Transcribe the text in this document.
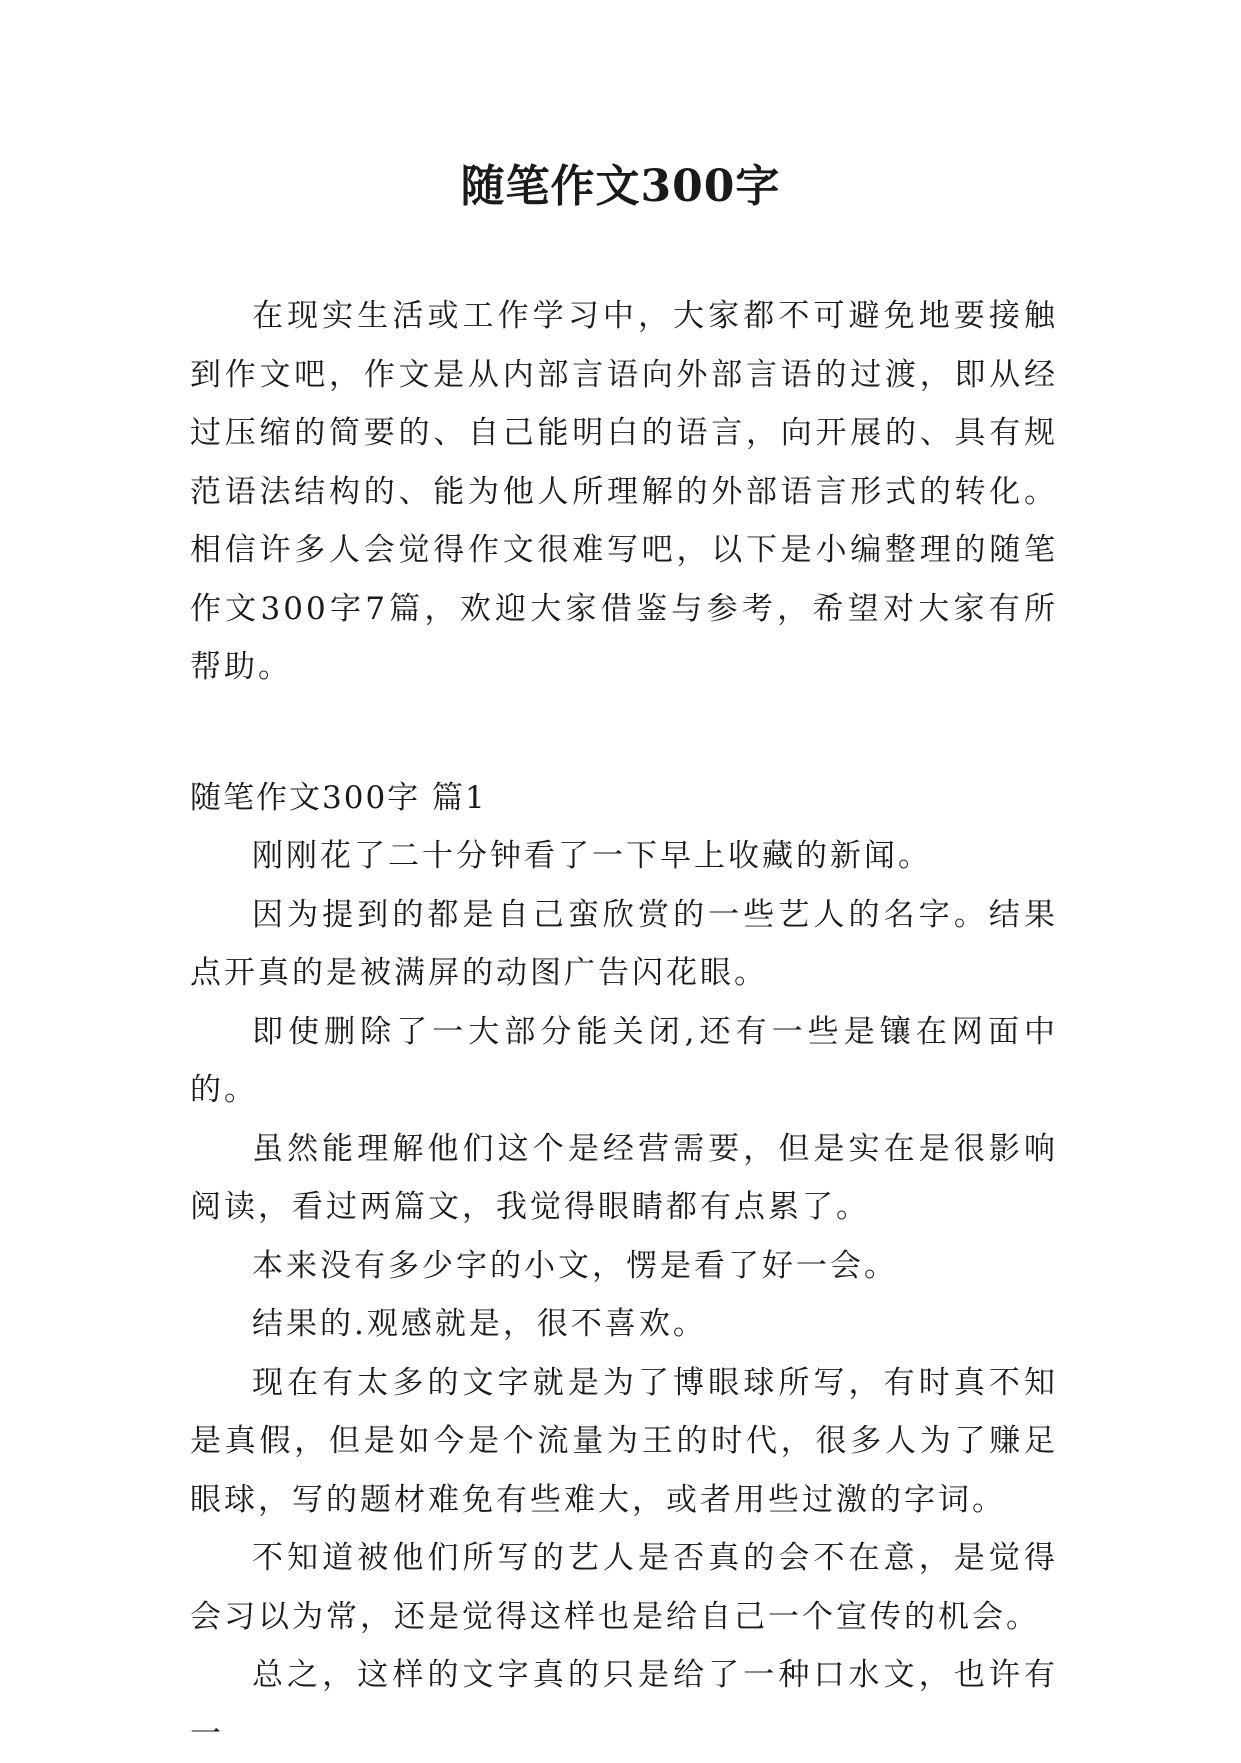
随笔作文300字

在现实生活或工作学习中，大家都不可避免地要接触到作文吧，作文是从内部言语向外部言语的过渡，即从经过压缩的简要的、自己能明白的语言，向开展的、具有规范语法结构的、能为他人所理解的外部语言形式的转化。相信许多人会觉得作文很难写吧，以下是小编整理的随笔作文300字7篇，欢迎大家借鉴与参考，希望对大家有所帮助。

随笔作文300字 篇1

刚刚花了二十分钟看了一下早上收藏的新闻。

因为提到的都是自己蛮欣赏的一些艺人的名字。结果点开真的是被满屏的动图广告闪花眼。

即使删除了一大部分能关闭,还有一些是镶在网面中的。

虽然能理解他们这个是经营需要，但是实在是很影响阅读，看过两篇文，我觉得眼睛都有点累了。

本来没有多少字的小文，愣是看了好一会。

结果的.观感就是，很不喜欢。

现在有太多的文字就是为了博眼球所写，有时真不知是真假，但是如今是个流量为王的时代，很多人为了赚足眼球，写的题材难免有些难大，或者用些过激的字词。

不知道被他们所写的艺人是否真的会不在意，是觉得会习以为常，还是觉得这样也是给自己一个宣传的机会。

总之，这样的文字真的只是给了一种口水文，也许有一
